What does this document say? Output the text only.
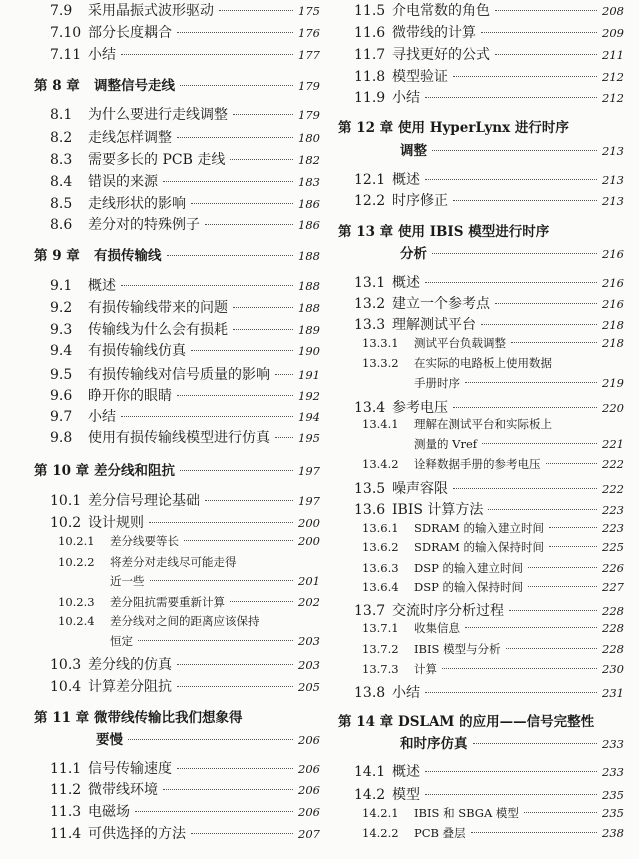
7.9	采用晶振式波形驱动	175
7.10 部分长度耦合	176
7.11 小结	177
第 8 章	调整信号走线	179
8.1	为什么要进行走线调整	179
8.2	走线怎样调整	180
8.3	需要多长的 PCB 走线	182
8.4	错误的来源	183
8.5	走线形状的影响	186
8.6	差分对的特殊例子	186
第 9 章	有损传输线	188
9.1	概述	188
9.2	有损传输线带来的问题	188
9.3	传输线为什么会有损耗	189
9.4	有损传输线仿真	190
9.5	有损传输线对信号质量的影响 191
9.6	睁开你的眼睛	192
9.7	小结	194
9.8	使用有损传输线模型进行仿真 195
第 10 章 差分线和阻抗	197
10.1 差分信号理论基础	197
10.2 设计规则	200
10.2.1	差分线要等长	200
10.2.2	将差分对走线尽可能走得
近一些	201
10.2.3	差分阻抗需要重新计算	202
10.2.4	差分线对之间的距离应该保持
恒定	203
10.3 差分线的仿真	203
10.4 计算差分阻抗	205
第 11 章 微带线传输比我们想象得
要慢	206
11.1 信号传输速度	206
11.2 微带线环境	206
11.3 电磁场	206
11.4 可供选择的方法	207
11.5 介电常数的角色	208
11.6 微带线的计算	209
11.7 寻找更好的公式	211
11.8 模型验证	212
11.9 小结	212
第 12 章 使用 HyperLynx 进行时序
调整	213
12.1 概述	213
12.2 时序修正	213
第 13 章 使用 IBIS 模型进行时序
分析	216
13.1 概述	216
13.2 建立一个参考点	216
13.3 理解测试平台	218
13.3.1	测试平台负载调整	218
13.3.2	在实际的电路板上使用数据
手册时序	219
13.4 参考电压	220
13.4.1	理解在测试平台和实际板上
测量的 Vref	221
13.4.2	诠释数据手册的参考电压	222
13.5 噪声容限	222
13.6 IBIS 计算方法	223
13.6.1	SDRAM 的输入建立时间	223
13.6.2	SDRAM 的输入保持时间	225
13.6.3	DSP 的输入建立时间	226
13.6.4	DSP 的输入保持时间	227
13.7 交流时序分析过程	228
13.7.1	收集信息	228
13.7.2	IBIS 模型与分析	228
13.7.3	计算	230
13.8 小结	231
第 14 章 DSLAM 的应用——信号完整性
和时序仿真	233
14.1 概述	233
14.2 模型	235
14.2.1	IBIS 和 SBGA 模型	235
14.2.2	PCB 叠层	238
